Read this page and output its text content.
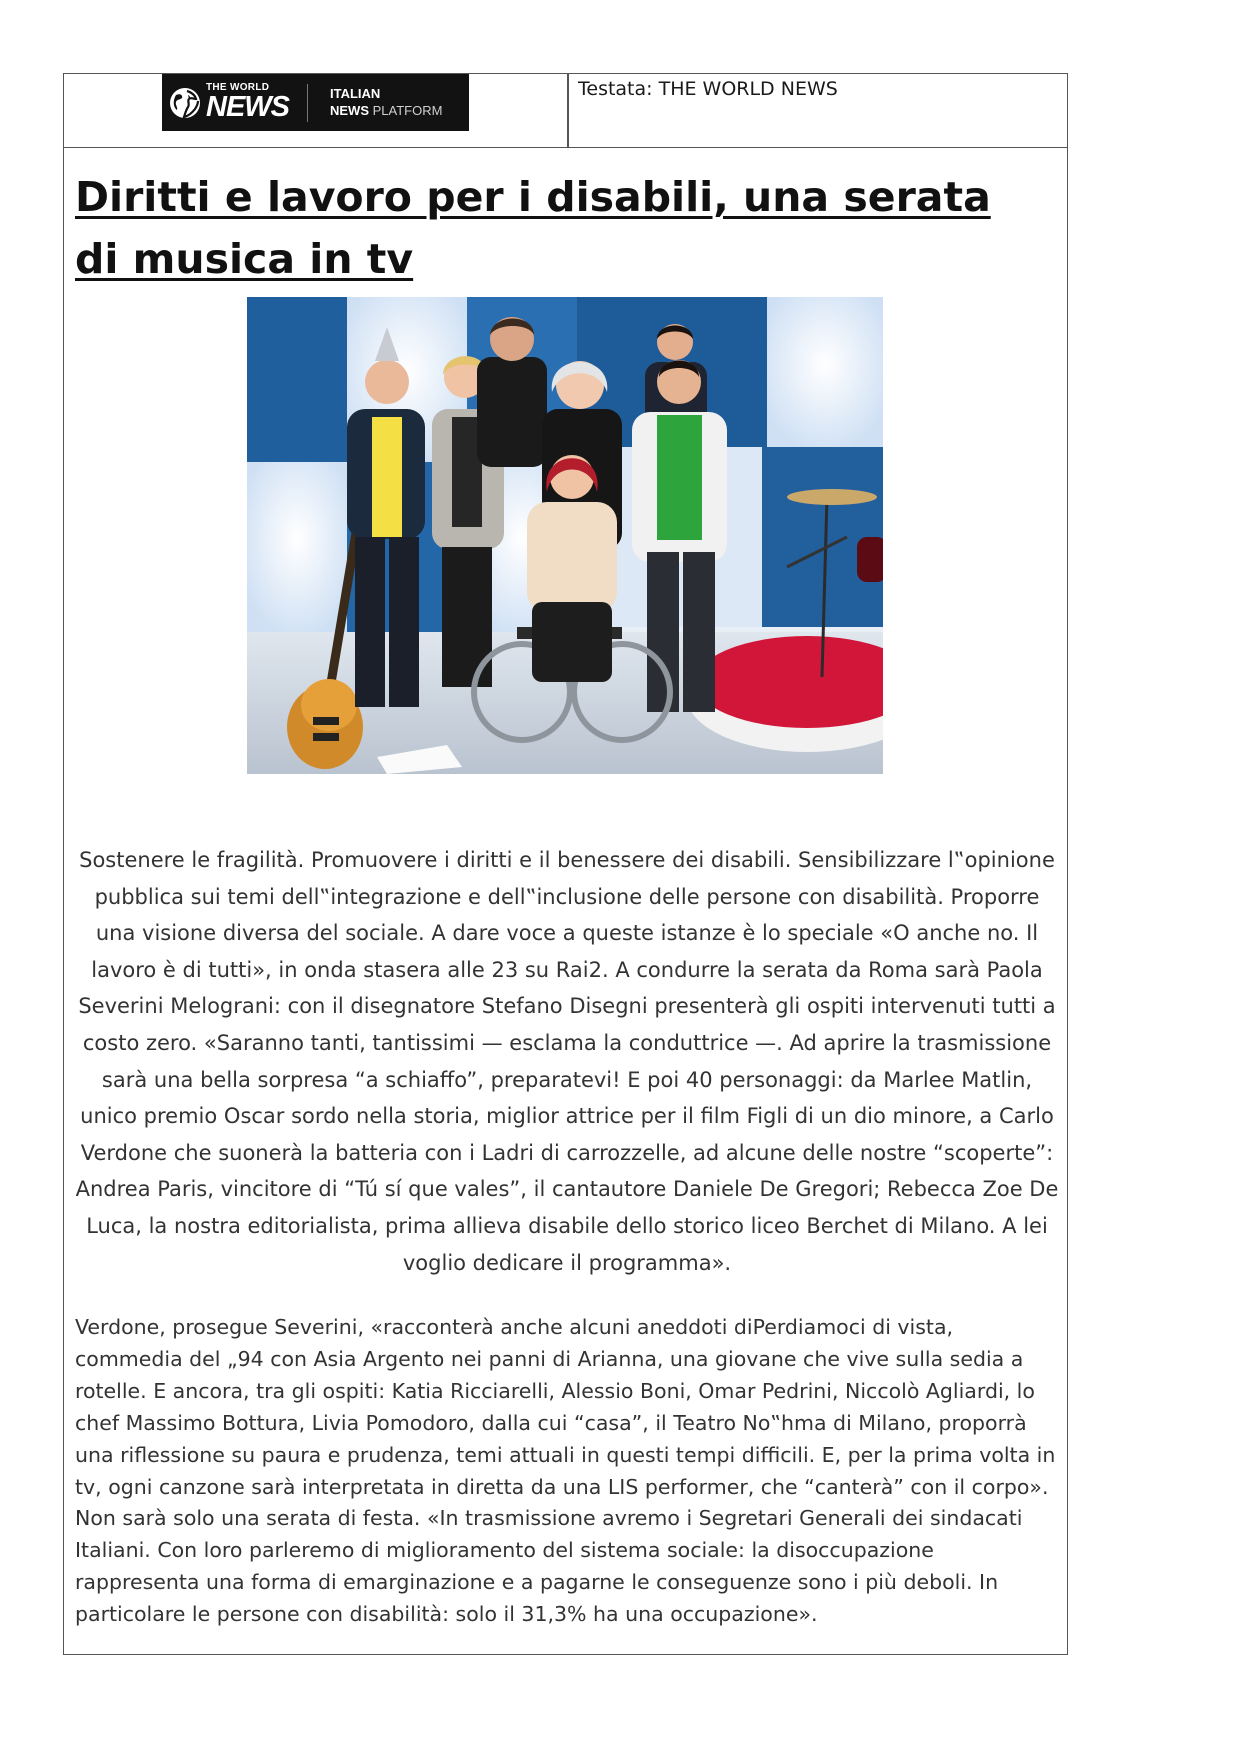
THE WORLD
NEWS	ITALIAN
NEWS PLATFORM
Testata: THE WORLD NEWS
Diritti e lavoro per i disabili, una serata di musica in tv

Sostenere le fragilità. Promuovere i diritti e il benessere dei disabili. Sensibilizzare l‟opinione pubblica sui temi dell‟integrazione e dell‟inclusione delle persone con disabilità. Proporre una visione diversa del sociale. A dare voce a queste istanze è lo speciale «O anche no. Il lavoro è di tutti», in onda stasera alle 23 su Rai2. A condurre la serata da Roma sarà Paola Severini Melograni: con il disegnatore Stefano Disegni presenterà gli ospiti intervenuti tutti a costo zero. «Saranno tanti, tantissimi — esclama la conduttrice —. Ad aprire la trasmissione sarà una bella sorpresa “a schiaffo”, preparatevi! E poi 40 personaggi: da Marlee Matlin, unico premio Oscar sordo nella storia, miglior attrice per il film Figli di un dio minore, a Carlo Verdone che suonerà la batteria con i Ladri di carrozzelle, ad alcune delle nostre “scoperte”: Andrea Paris, vincitore di “Tú sí que vales”, il cantautore Daniele De Gregori; Rebecca Zoe De Luca, la nostra editorialista, prima allieva disabile dello storico liceo Berchet di Milano. A lei voglio dedicare il programma».

Verdone, prosegue Severini, «racconterà anche alcuni aneddoti diPerdiamoci di vista, commedia del „94 con Asia Argento nei panni di Arianna, una giovane che vive sulla sedia a rotelle. E ancora, tra gli ospiti: Katia Ricciarelli, Alessio Boni, Omar Pedrini, Niccolò Agliardi, lo chef Massimo Bottura, Livia Pomodoro, dalla cui “casa”, il Teatro No‟hma di Milano, proporrà una riflessione su paura e prudenza, temi attuali in questi tempi difficili. E, per la prima volta in tv, ogni canzone sarà interpretata in diretta da una LIS performer, che “canterà” con il corpo». Non sarà solo una serata di festa. «In trasmissione avremo i Segretari Generali dei sindacati Italiani. Con loro parleremo di miglioramento del sistema sociale: la disoccupazione rappresenta una forma di emarginazione e a pagarne le conseguenze sono i più deboli. In particolare le persone con disabilità: solo il 31,3% ha una occupazione».
